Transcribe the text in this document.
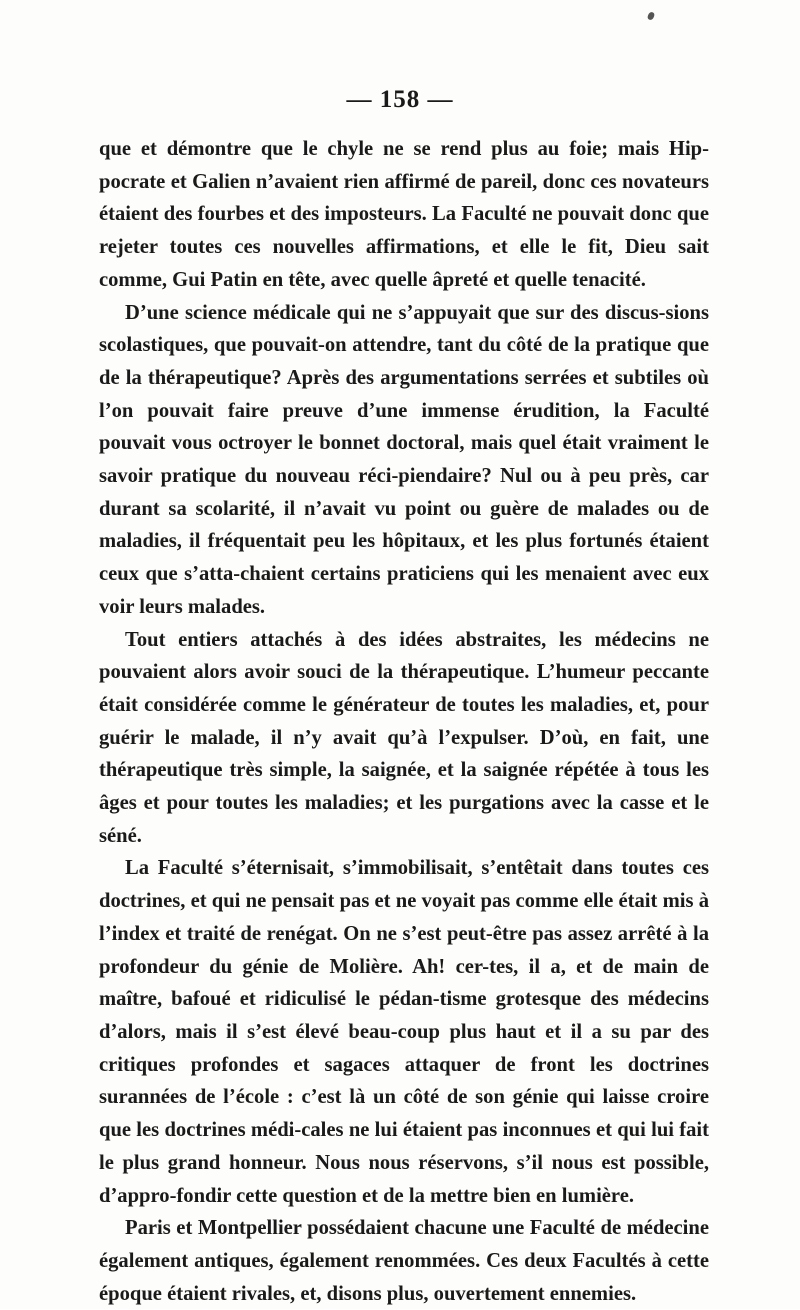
— 158 —

que et démontre que le chyle ne se rend plus au foie; mais Hip-pocrate et Galien n’avaient rien affirmé de pareil, donc ces novateurs étaient des fourbes et des imposteurs. La Faculté ne pouvait donc que rejeter toutes ces nouvelles affirmations, et elle le fit, Dieu sait comme, Gui Patin en tête, avec quelle âpreté et quelle tenacité.

D’une science médicale qui ne s’appuyait que sur des discus-sions scolastiques, que pouvait-on attendre, tant du côté de la pratique que de la thérapeutique? Après des argumentations serrées et subtiles où l’on pouvait faire preuve d’une immense érudition, la Faculté pouvait vous octroyer le bonnet doctoral, mais quel était vraiment le savoir pratique du nouveau réci-piendaire? Nul ou à peu près, car durant sa scolarité, il n’avait vu point ou guère de malades ou de maladies, il fréquentait peu les hôpitaux, et les plus fortunés étaient ceux que s’atta-chaient certains praticiens qui les menaient avec eux voir leurs malades.

Tout entiers attachés à des idées abstraites, les médecins ne pouvaient alors avoir souci de la thérapeutique. L’humeur peccante était considérée comme le générateur de toutes les maladies, et, pour guérir le malade, il n’y avait qu’à l’expulser. D’où, en fait, une thérapeutique très simple, la saignée, et la saignée répétée à tous les âges et pour toutes les maladies; et les purgations avec la casse et le séné.

La Faculté s’éternisait, s’immobilisait, s’entêtait dans toutes ces doctrines, et qui ne pensait pas et ne voyait pas comme elle était mis à l’index et traité de renégat. On ne s’est peut-être pas assez arrêté à la profondeur du génie de Molière. Ah! cer-tes, il a, et de main de maître, bafoué et ridiculisé le pédan-tisme grotesque des médecins d’alors, mais il s’est élevé beau-coup plus haut et il a su par des critiques profondes et sagaces attaquer de front les doctrines surannées de l’école : c’est là un côté de son génie qui laisse croire que les doctrines médi-cales ne lui étaient pas inconnues et qui lui fait le plus grand honneur. Nous nous réservons, s’il nous est possible, d’appro-fondir cette question et de la mettre bien en lumière.

Paris et Montpellier possédaient chacune une Faculté de médecine également antiques, également renommées. Ces deux Facultés à cette époque étaient rivales, et, disons plus, ouvertement ennemies.
